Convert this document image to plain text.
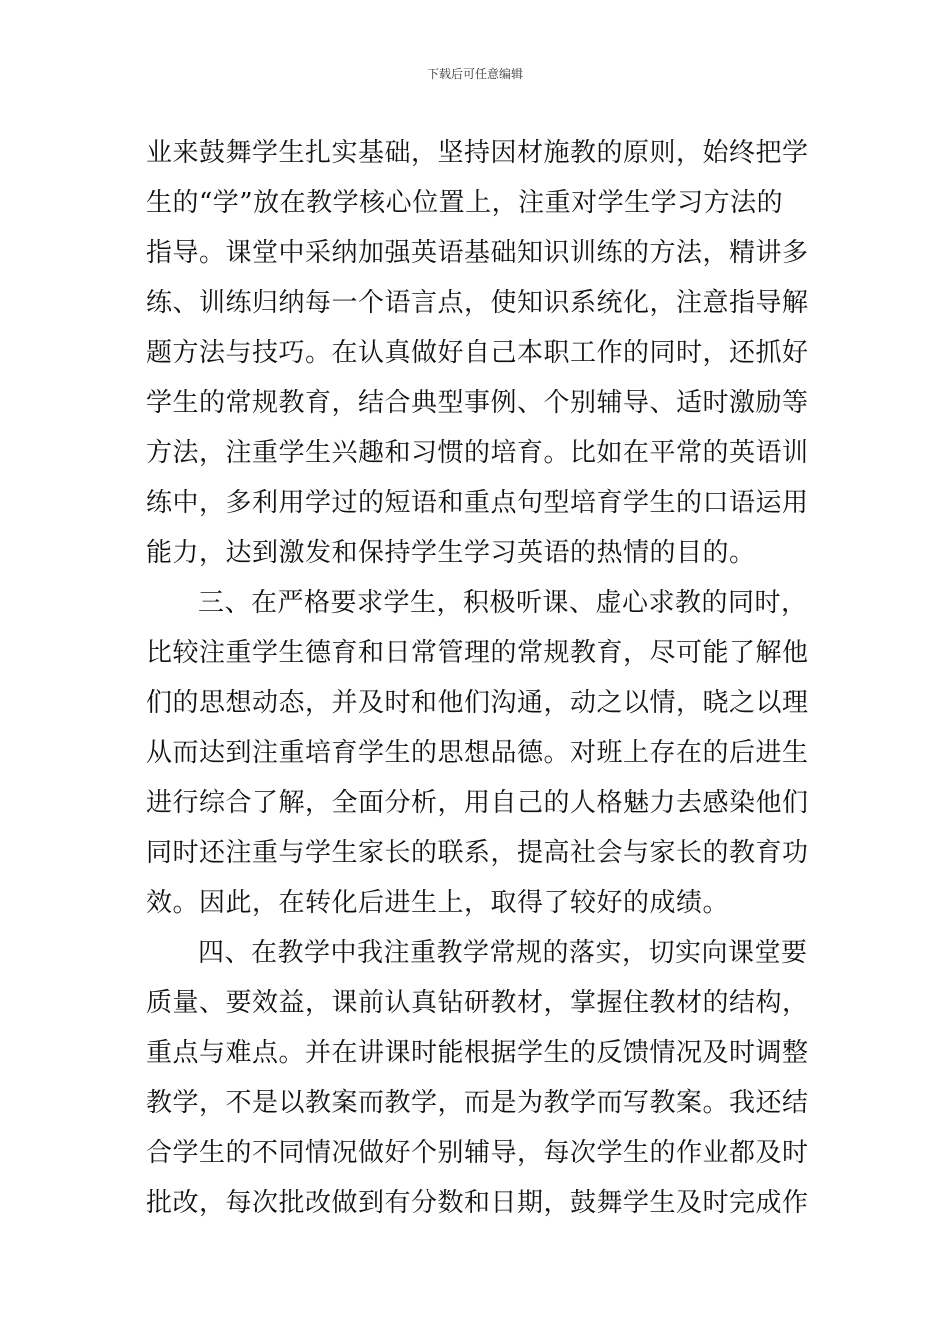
下载后可任意编辑
业来鼓舞学生扎实基础，坚持因材施教的原则，始终把学
生的“学”放在教学核心位置上，注重对学生学习方法的
指导。课堂中采纳加强英语基础知识训练的方法，精讲多
练、训练归纳每一个语言点，使知识系统化，注意指导解
题方法与技巧。在认真做好自己本职工作的同时，还抓好
学生的常规教育，结合典型事例、个别辅导、适时激励等
方法，注重学生兴趣和习惯的培育。比如在平常的英语训
练中，多利用学过的短语和重点句型培育学生的口语运用
能力，达到激发和保持学生学习英语的热情的目的。
三、在严格要求学生，积极听课、虚心求教的同时，
比较注重学生德育和日常管理的常规教育，尽可能了解他
们的思想动态，并及时和他们沟通，动之以情，晓之以理
从而达到注重培育学生的思想品德。对班上存在的后进生
进行综合了解，全面分析，用自己的人格魅力去感染他们
同时还注重与学生家长的联系，提高社会与家长的教育功
效。因此，在转化后进生上，取得了较好的成绩。
四、在教学中我注重教学常规的落实，切实向课堂要
质量、要效益，课前认真钻研教材，掌握住教材的结构，
重点与难点。并在讲课时能根据学生的反馈情况及时调整
教学，不是以教案而教学，而是为教学而写教案。我还结
合学生的不同情况做好个别辅导，每次学生的作业都及时
批改，每次批改做到有分数和日期，鼓舞学生及时完成作
